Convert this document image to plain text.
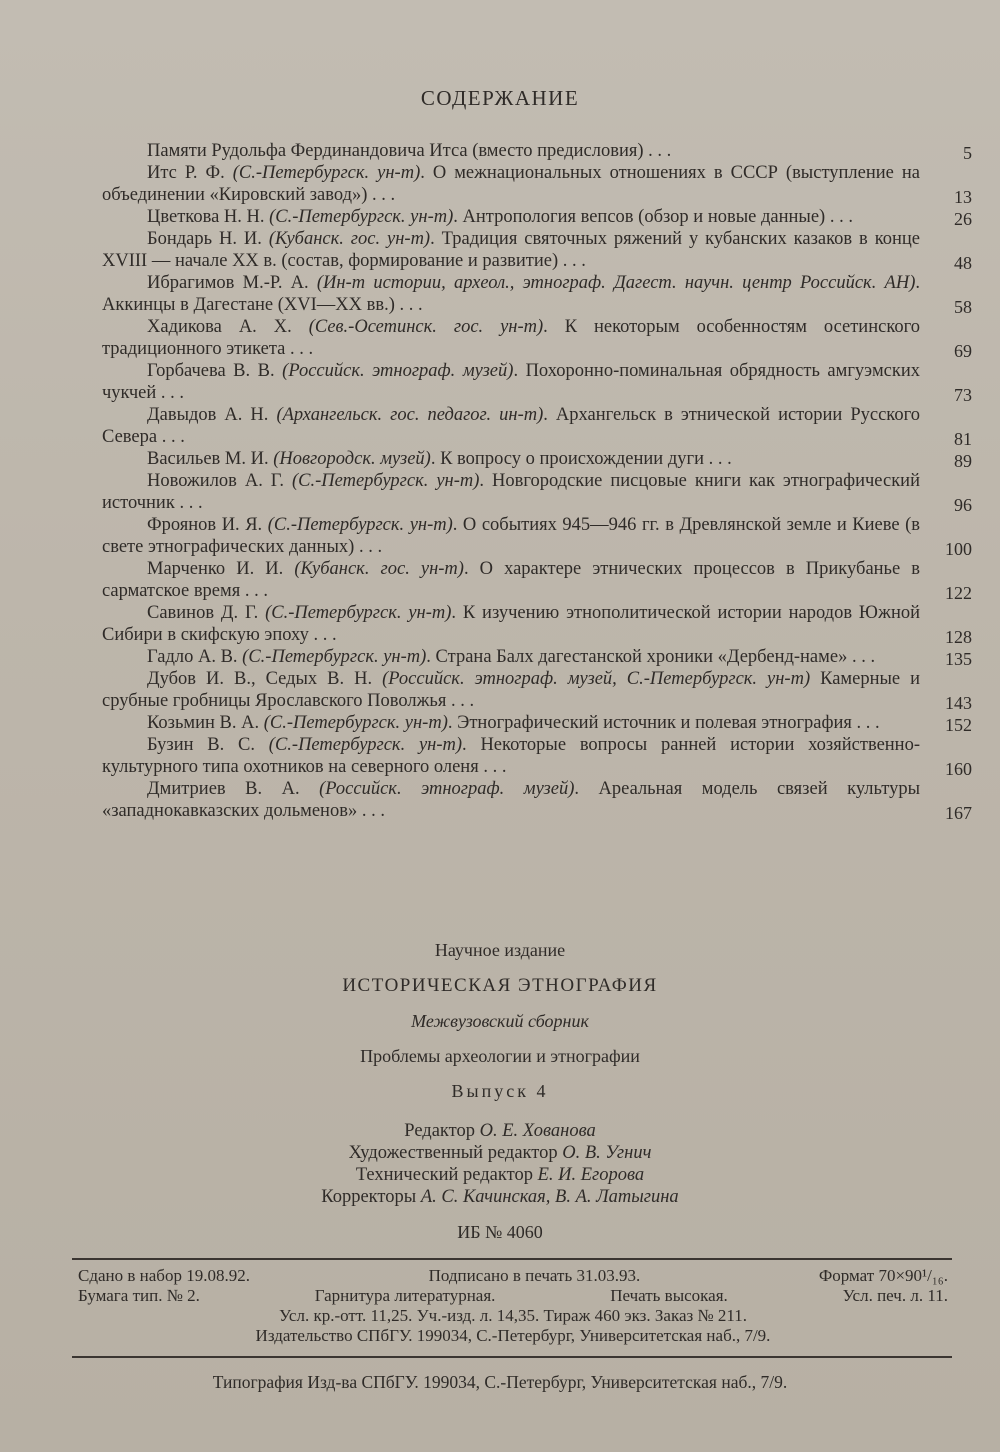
СОДЕРЖАНИЕ

Памяти Рудольфа Фердинандовича Итса (вместо предисловия) . . .	5

Итс Р. Ф. (С.-Петербургск. ун-т). О межнациональных отношениях в СССР (выступление на объединении «Кировский завод») . . .	13

Цветкова Н. Н. (С.-Петербургск. ун-т). Антропология вепсов (обзор и новые данные) . . .	26

Бондарь Н. И. (Кубанск. гос. ун-т). Традиция святочных ряжений у кубанских казаков в конце XVIII — начале XX в. (состав, формирование и развитие) . . .	48

Ибрагимов М.-Р. А. (Ин-т истории, археол., этнограф. Дагест. научн. центр Российск. АН). Аккинцы в Дагестане (XVI—XX вв.) . . .	58

Хадикова А. Х. (Сев.-Осетинск. гос. ун-т). К некоторым особенностям осетинского традиционного этикета . . .	69

Горбачева В. В. (Российск. этнограф. музей). Похоронно-поминальная обрядность амгуэмских чукчей . . .	73

Давыдов А. Н. (Архангельск. гос. педагог. ин-т). Архангельск в этнической истории Русского Севера . . .	81

Васильев М. И. (Новгородск. музей). К вопросу о происхождении дуги . . .	89

Новожилов А. Г. (С.-Петербургск. ун-т). Новгородские писцовые книги как этнографический источник . . .	96

Фроянов И. Я. (С.-Петербургск. ун-т). О событиях 945—946 гг. в Древлянской земле и Киеве (в свете этнографических данных) . . .	100

Марченко И. И. (Кубанск. гос. ун-т). О характере этнических процессов в Прикубанье в сарматское время . . .	122

Савинов Д. Г. (С.-Петербургск. ун-т). К изучению этнополитической истории народов Южной Сибири в скифскую эпоху . . .	128

Гадло А. В. (С.-Петербургск. ун-т). Страна Балх дагестанской хроники «Дербенд-наме» . . .	135

Дубов И. В., Седых В. Н. (Российск. этнограф. музей, С.-Петербургск. ун-т) Камерные и срубные гробницы Ярославского Поволжья . . .	143

Козьмин В. А. (С.-Петербургск. ун-т). Этнографический источник и полевая этнография . . .	152

Бузин В. С. (С.-Петербургск. ун-т). Некоторые вопросы ранней истории хозяйственно-культурного типа охотников на северного оленя . . .	160

Дмитриев В. А. (Российск. этнограф. музей). Ареальная модель связей культуры «западнокавказских дольменов» . . .	167
Научное издание
ИСТОРИЧЕСКАЯ ЭТНОГРАФИЯ
Межвузовский сборник
Проблемы археологии и этнографии
Выпуск 4
Редактор О. Е. Хованова
Художественный редактор О. В. Угнич
Технический редактор Е. И. Егорова
Корректоры А. С. Качинская, В. А. Латыгина
ИБ № 4060
Сдано в набор 19.08.92.	Подписано в печать 31.03.93.	Формат 70×90¹/₁₆.
Бумага тип. № 2.	Гарнитура литературная.	Печать высокая.	Усл. печ. л. 11.
Усл. кр.-отт. 11,25. Уч.-изд. л. 14,35. Тираж 460 экз. Заказ № 211.
Издательство СПбГУ. 199034, С.-Петербург, Университетская наб., 7/9.
Типография Изд-ва СПбГУ. 199034, С.-Петербург, Университетская наб., 7/9.
